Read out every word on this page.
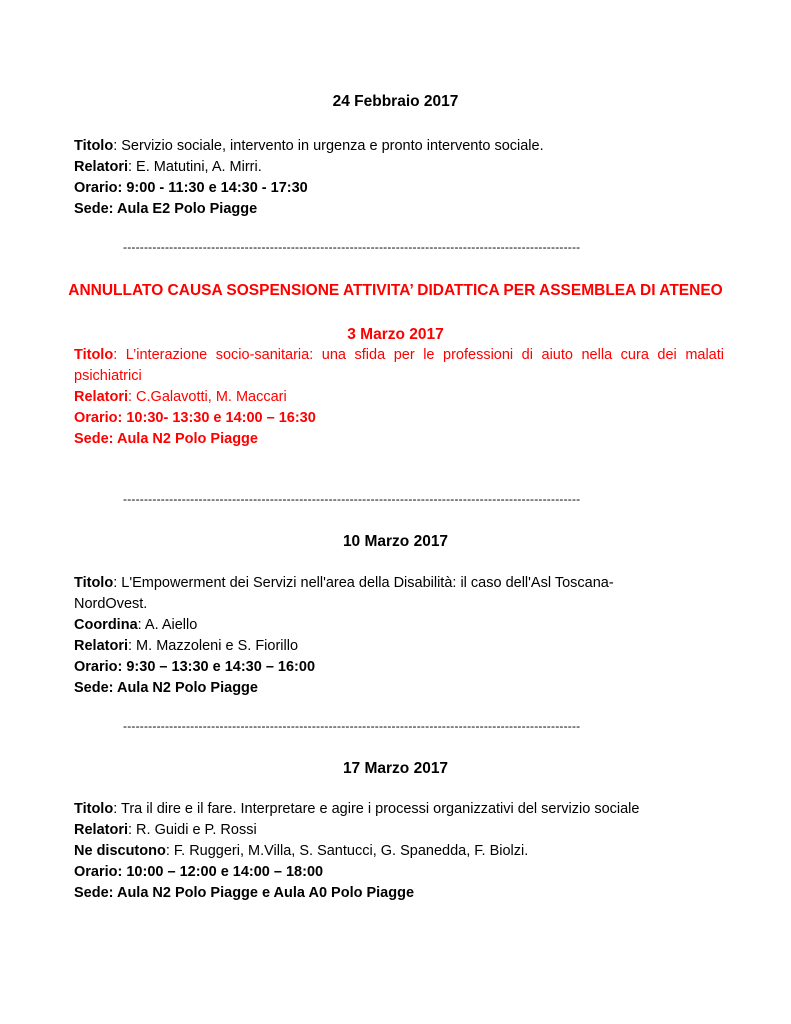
24 Febbraio 2017
Titolo: Servizio sociale, intervento in urgenza e pronto intervento sociale.
Relatori: E. Matutini, A. Mirri.
Orario: 9:00 - 11:30 e 14:30 - 17:30
Sede: Aula E2 Polo Piagge
-------------------------------------------------------------------------------------------------------------
ANNULLATO CAUSA SOSPENSIONE ATTIVITA’ DIDATTICA PER ASSEMBLEA DI ATENEO
3 Marzo 2017
Titolo: L’interazione socio-sanitaria: una sfida per le professioni di aiuto nella cura dei malati psichiatrici
Relatori: C.Galavotti, M. Maccari
Orario: 10:30- 13:30 e 14:00 – 16:30
Sede: Aula N2 Polo Piagge
-------------------------------------------------------------------------------------------------------------
10 Marzo 2017
Titolo: L'Empowerment dei Servizi nell'area della Disabilità: il caso dell'Asl Toscana-NordOvest.
Coordina: A. Aiello
Relatori: M. Mazzoleni e S. Fiorillo
Orario: 9:30 – 13:30 e 14:30 – 16:00
Sede: Aula N2 Polo Piagge
-------------------------------------------------------------------------------------------------------------
17 Marzo 2017
Titolo: Tra il dire e il fare. Interpretare e agire i processi organizzativi del servizio sociale
Relatori: R. Guidi e P. Rossi
Ne discutono: F. Ruggeri, M.Villa, S. Santucci, G. Spanedda, F. Biolzi.
Orario: 10:00 – 12:00 e 14:00 – 18:00
Sede: Aula N2 Polo Piagge e Aula A0 Polo Piagge
